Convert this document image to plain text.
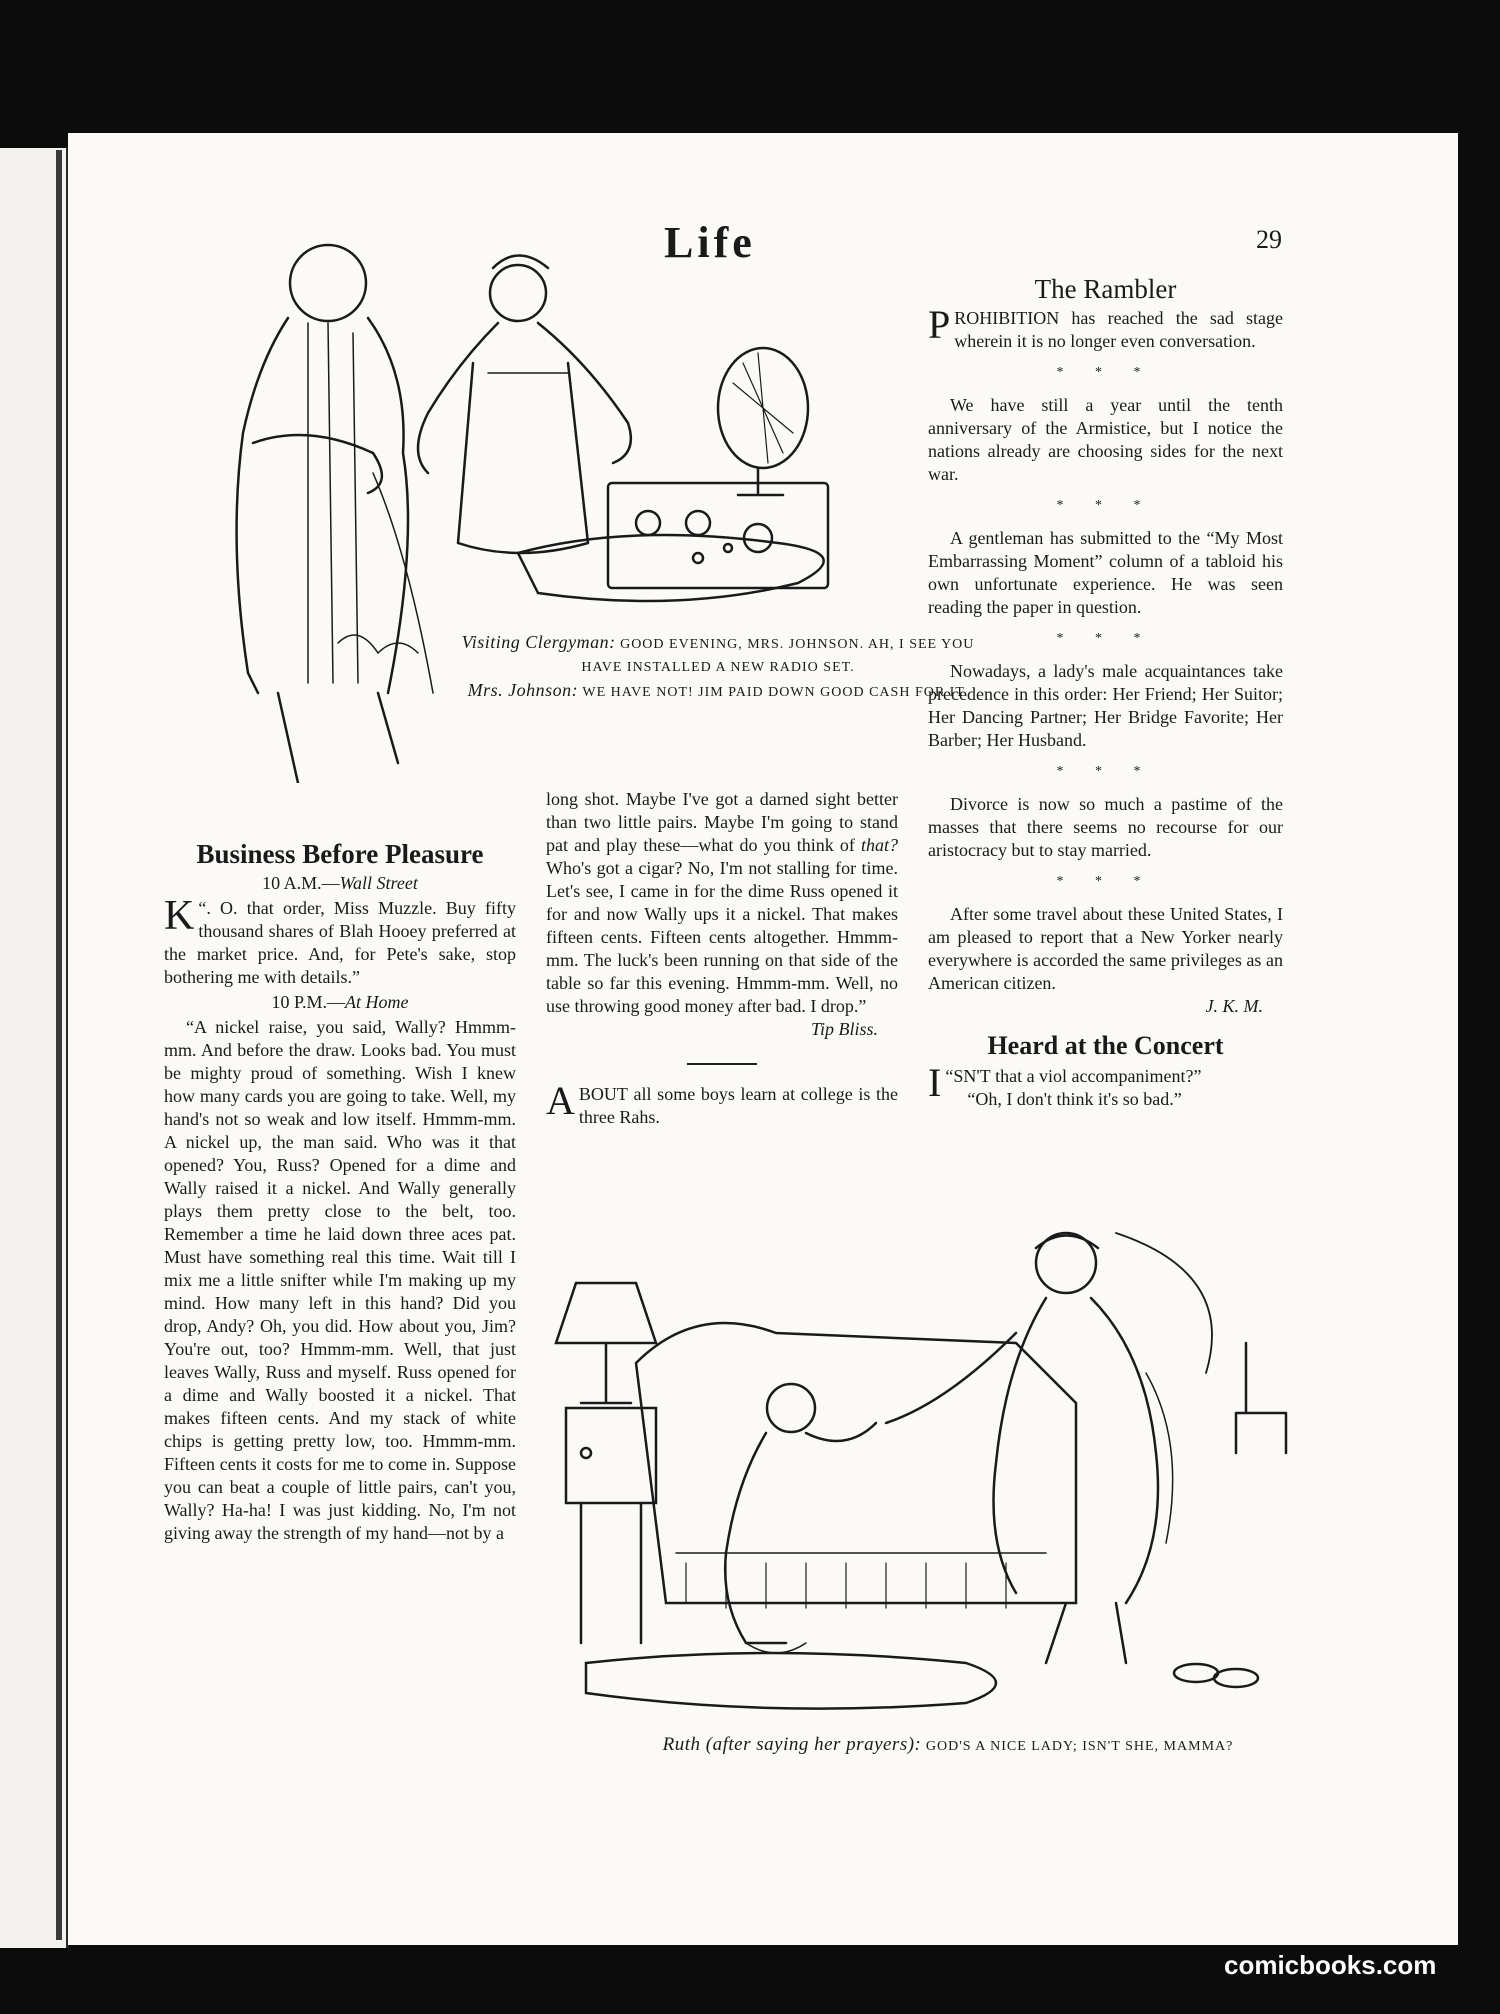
Life	29
Visiting Clergyman: GOOD EVENING, MRS. JOHNSON. AH, I SEE YOU HAVE INSTALLED A NEW RADIO SET.
Mrs. Johnson: WE HAVE NOT! JIM PAID DOWN GOOD CASH FOR IT.
Business Before Pleasure
10 A.M.—Wall Street

“
K . O. that order, Miss Muzzle. Buy fifty thousand shares of Blah Hooey preferred at the market price. And, for Pete's sake, stop bothering me with details.”

10 P.M.—At Home

“A nickel raise, you said, Wally? Hmmm-mm. And before the draw. Looks bad. You must be mighty proud of something. Wish I knew how many cards you are going to take. Well, my hand's not so weak and low itself. Hmmm-mm. A nickel up, the man said. Who was it that opened? You, Russ? Opened for a dime and Wally raised it a nickel. And Wally generally plays them pretty close to the belt, too. Remember a time he laid down three aces pat. Must have something real this time. Wait till I mix me a little snifter while I'm making up my mind. How many left in this hand? Did you drop, Andy? Oh, you did. How about you, Jim? You're out, too? Hmmm-mm. Well, that just leaves Wally, Russ and myself. Russ opened for a dime and Wally boosted it a nickel. That makes fifteen cents. And my stack of white chips is getting pretty low, too. Hmmm-mm. Fifteen cents it costs for me to come in. Suppose you can beat a couple of little pairs, can't you, Wally? Ha-ha! I was just kidding. No, I'm not giving away the strength of my hand—not by a

long shot. Maybe I've got a darned sight better than two little pairs. Maybe I'm going to stand pat and play these—what do you think of that? Who's got a cigar? No, I'm not stalling for time. Let's see, I came in for the dime Russ opened it for and now Wally ups it a nickel. That makes fifteen cents. Fifteen cents altogether. Hmmm-mm. The luck's been running on that side of the table so far this evening. Hmmm-mm. Well, no use throwing good money after bad. I drop.”

Tip Bliss.

ABOUT all some boys learn at college is the three Rahs.

The Rambler

PROHIBITION has reached the sad stage wherein it is no longer even conversation.

* * *

We have still a year until the tenth anniversary of the Armistice, but I notice the nations already are choosing sides for the next war.

* * *

A gentleman has submitted to the “My Most Embarrassing Moment” column of a tabloid his own unfortunate experience. He was seen reading the paper in question.

* * *

Nowadays, a lady's male acquaintances take precedence in this order: Her Friend; Her Suitor; Her Dancing Partner; Her Bridge Favorite; Her Barber; Her Husband.

* * *

Divorce is now so much a pastime of the masses that there seems no recourse for our aristocracy but to stay married.

* * *

After some travel about these United States, I am pleased to report that a New Yorker nearly everywhere is accorded the same privileges as an American citizen.

J. K. M.
Heard at the Concert

“
I SN'T that a viol accompaniment?”

“Oh, I don't think it's so bad.”

Ruth (after saying her prayers): GOD'S A NICE LADY; ISN'T SHE, MAMMA?
comicbooks.com
